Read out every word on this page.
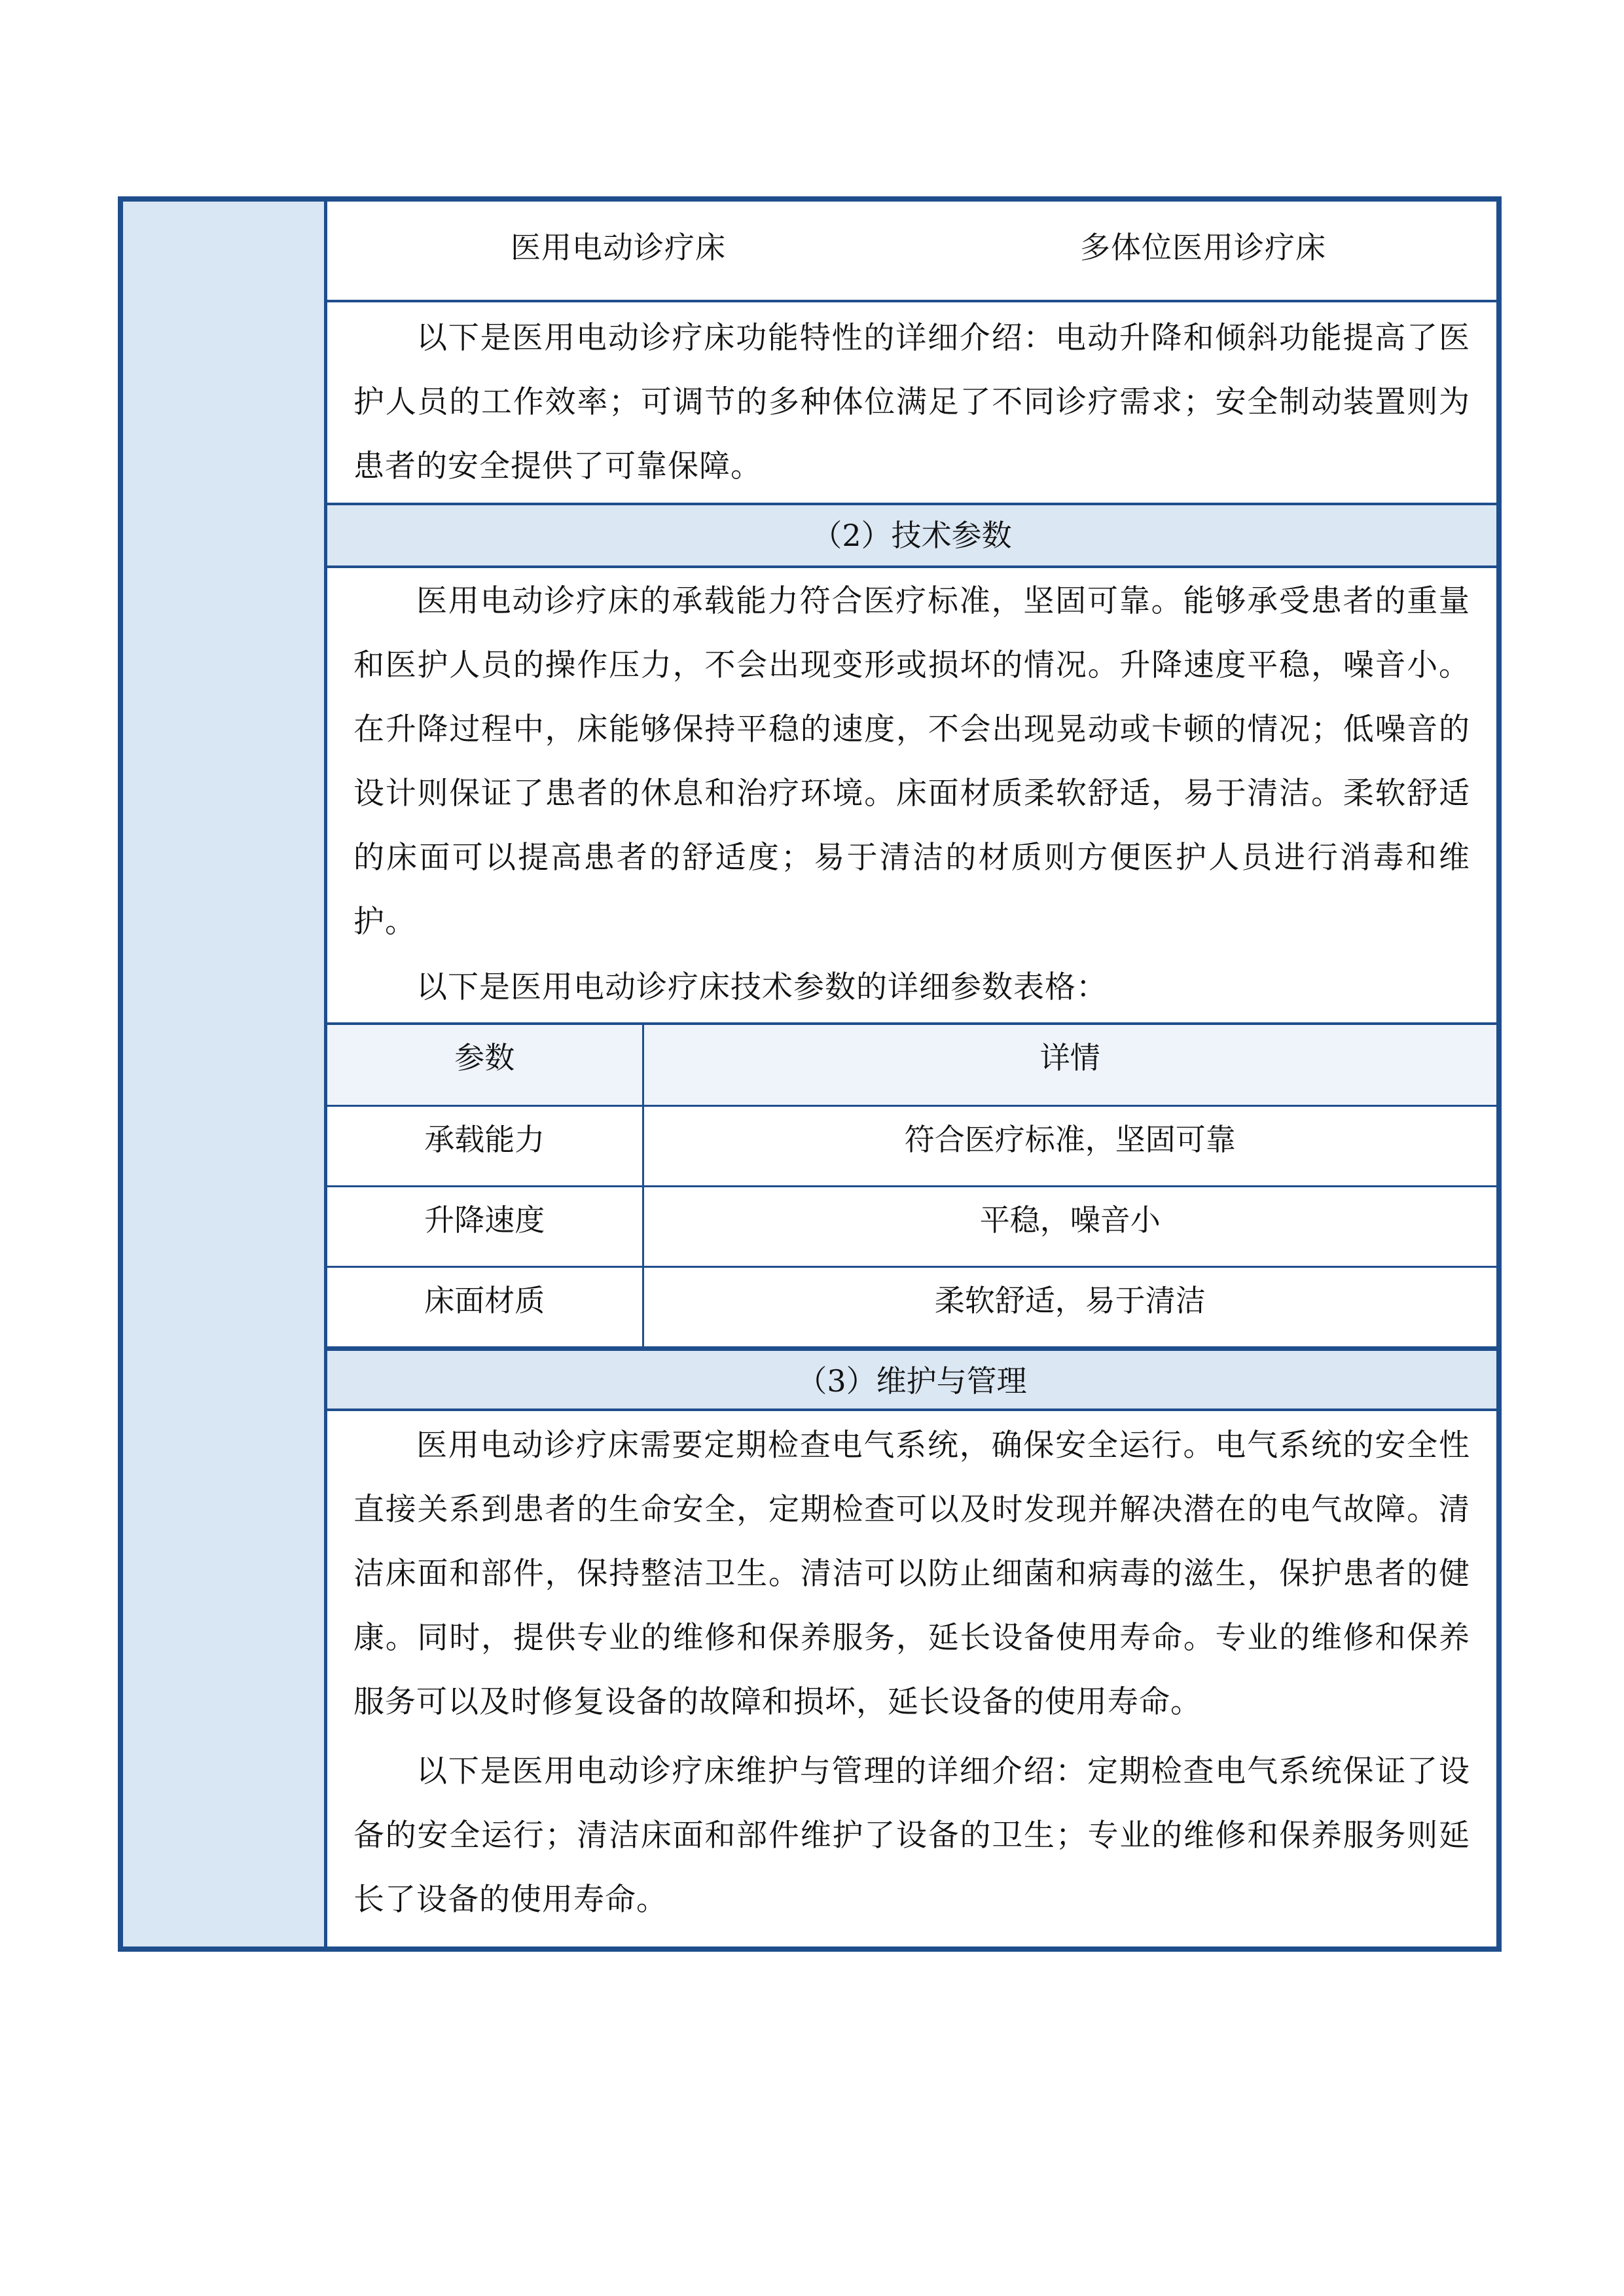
医用电动诊疗床	多体位医用诊疗床

以下是医用电动诊疗床功能特性的详细介绍：电动升降和倾斜功能提高了医护人员的工作效率；可调节的多种体位满足了不同诊疗需求；安全制动装置则为患者的安全提供了可靠保障。

（2）技术参数

医用电动诊疗床的承载能力符合医疗标准，坚固可靠。能够承受患者的重量和医护人员的操作压力，不会出现变形或损坏的情况。升降速度平稳，噪音小。在升降过程中，床能够保持平稳的速度，不会出现晃动或卡顿的情况；低噪音的设计则保证了患者的休息和治疗环境。床面材质柔软舒适，易于清洁。柔软舒适的床面可以提高患者的舒适度；易于清洁的材质则方便医护人员进行消毒和维护。

以下是医用电动诊疗床技术参数的详细参数表格：

参数	详情
承载能力	符合医疗标准，坚固可靠
升降速度	平稳，噪音小
床面材质	柔软舒适，易于清洁
（3）维护与管理

医用电动诊疗床需要定期检查电气系统，确保安全运行。电气系统的安全性直接关系到患者的生命安全，定期检查可以及时发现并解决潜在的电气故障。清洁床面和部件，保持整洁卫生。清洁可以防止细菌和病毒的滋生，保护患者的健康。同时，提供专业的维修和保养服务，延长设备使用寿命。专业的维修和保养服务可以及时修复设备的故障和损坏，延长设备的使用寿命。

以下是医用电动诊疗床维护与管理的详细介绍：定期检查电气系统保证了设备的安全运行；清洁床面和部件维护了设备的卫生；专业的维修和保养服务则延长了设备的使用寿命。
